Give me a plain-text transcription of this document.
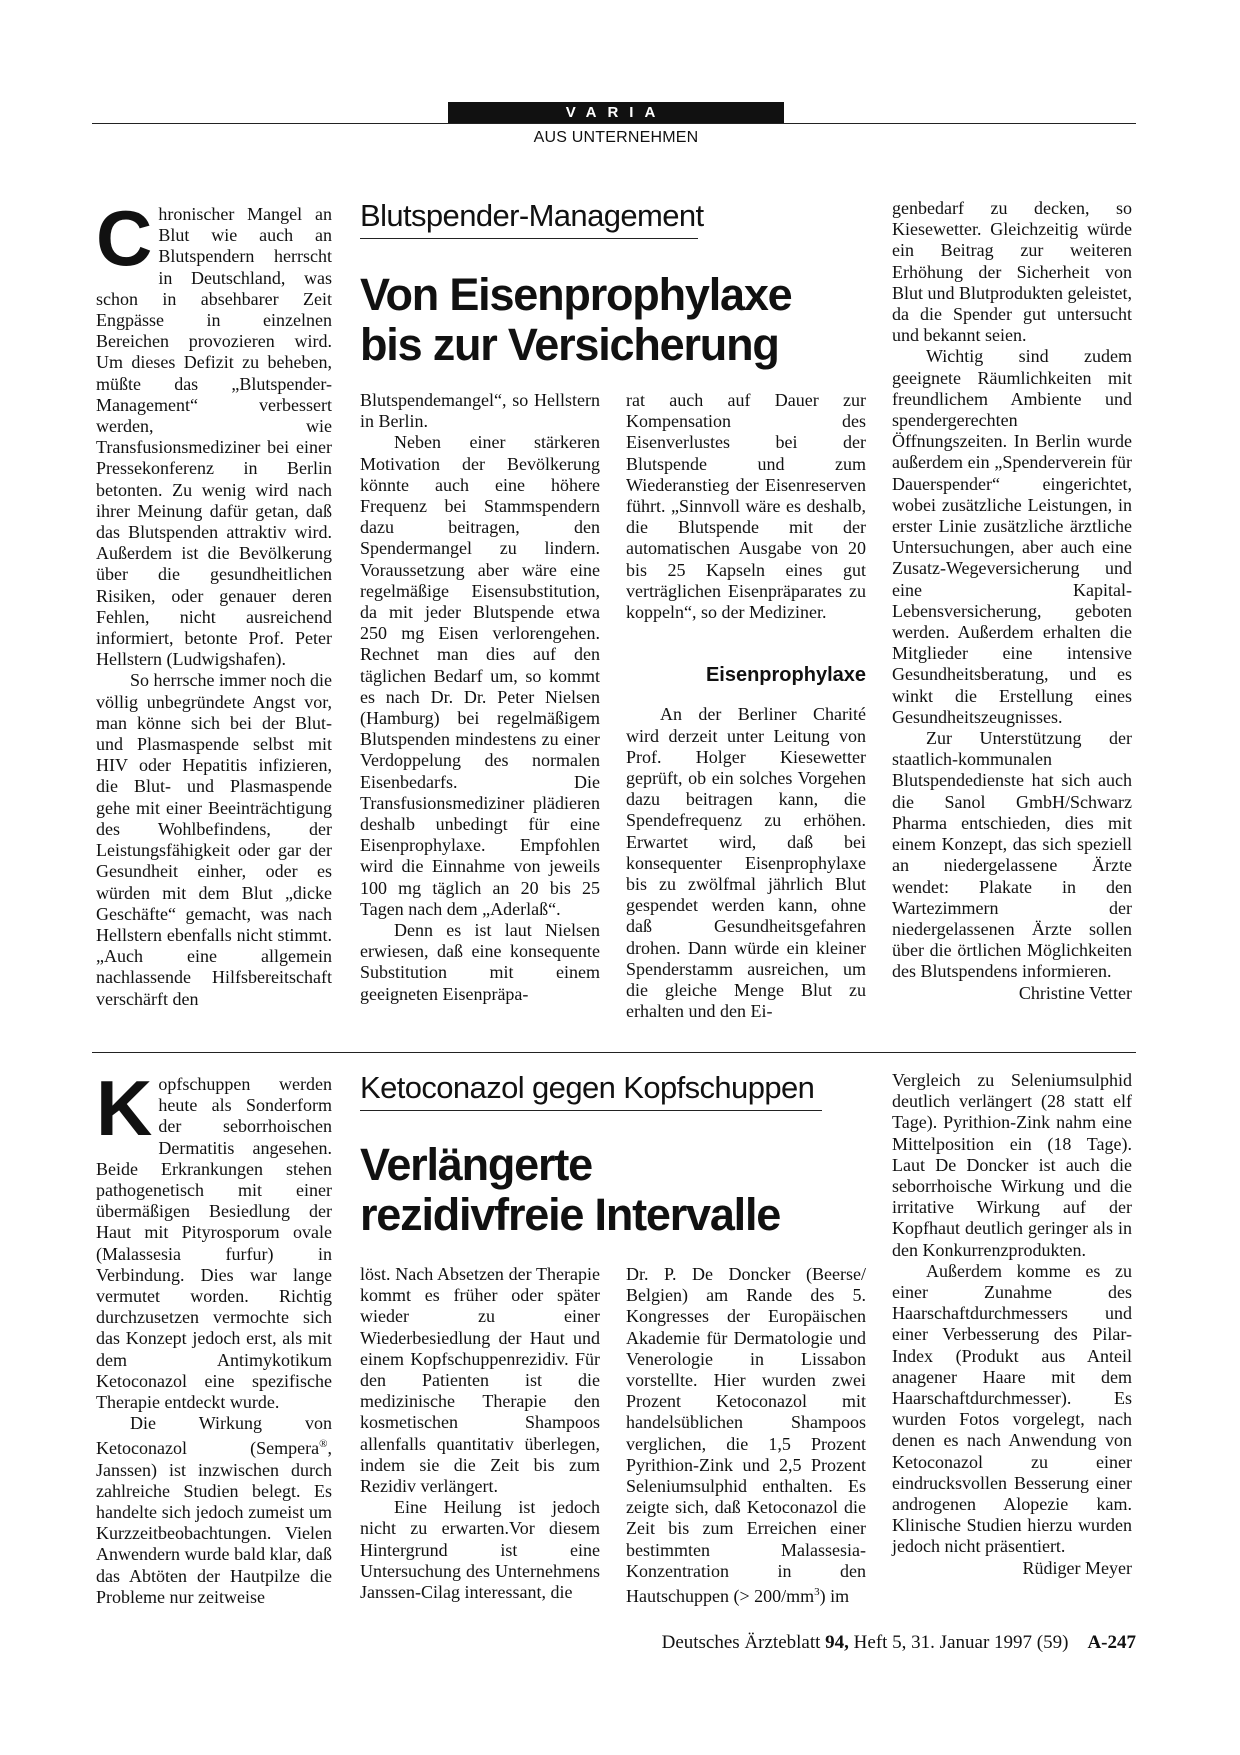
VARIA
AUS UNTERNEHMEN

Chronischer Mangel an Blut wie auch an Blutspendern herrscht in Deutschland, was schon in absehbarer Zeit Engpässe in einzelnen Bereichen provozieren wird. Um dieses Defizit zu beheben, müßte das „Blutspender-Management“ verbessert werden, wie Transfusionsmediziner bei einer Pressekonferenz in Berlin betonten. Zu wenig wird nach ihrer Meinung dafür getan, daß das Blutspenden attraktiv wird. Außerdem ist die Bevölkerung über die gesundheitlichen Risiken, oder genauer deren Fehlen, nicht ausreichend informiert, betonte Prof. Peter Hellstern (Ludwigshafen).

So herrsche immer noch die völlig unbegründete Angst vor, man könne sich bei der Blut- und Plasmaspende selbst mit HIV oder Hepatitis infizieren, die Blut- und Plasmaspende gehe mit einer Beeinträchtigung des Wohlbefindens, der Leistungsfähigkeit oder gar der Gesundheit einher, oder es würden mit dem Blut „dicke Geschäfte“ gemacht, was nach Hellstern ebenfalls nicht stimmt. „Auch eine allgemein nachlassende Hilfsbereitschaft verschärft den

Blutspender-Management
Von Eisenprophylaxe
bis zur Versicherung

Blutspendemangel“, so Hellstern in Berlin.

Neben einer stärkeren Motivation der Bevölkerung könnte auch eine höhere Frequenz bei Stammspendern dazu beitragen, den Spendermangel zu lindern. Voraussetzung aber wäre eine regelmäßige Eisensubstitution, da mit jeder Blutspende etwa 250 mg Eisen verlorengehen. Rechnet man dies auf den täglichen Bedarf um, so kommt es nach Dr. Dr. Peter Nielsen (Hamburg) bei regelmäßigem Blutspenden mindestens zu einer Verdoppelung des normalen Eisenbedarfs. Die Transfusionsmediziner plädieren deshalb unbedingt für eine Eisenprophylaxe. Empfohlen wird die Einnahme von jeweils 100 mg täglich an 20 bis 25 Tagen nach dem „Aderlaß“.

Denn es ist laut Nielsen erwiesen, daß eine konsequente Substitution mit einem geeigneten Eisenpräpa-

rat auch auf Dauer zur Kompensation des Eisenverlustes bei der Blutspende und zum Wiederanstieg der Eisenreserven führt. „Sinnvoll wäre es deshalb, die Blutspende mit der automatischen Ausgabe von 20 bis 25 Kapseln eines gut verträglichen Eisenpräparates zu koppeln“, so der Mediziner.

Eisenprophylaxe

An der Berliner Charité wird derzeit unter Leitung von Prof. Holger Kiesewetter geprüft, ob ein solches Vorgehen dazu beitragen kann, die Spendefrequenz zu erhöhen. Erwartet wird, daß bei konsequenter Eisenprophylaxe bis zu zwölfmal jährlich Blut gespendet werden kann, ohne daß Gesundheitsgefahren drohen. Dann würde ein kleiner Spenderstamm ausreichen, um die gleiche Menge Blut zu erhalten und den Ei-

genbedarf zu decken, so Kiesewetter. Gleichzeitig würde ein Beitrag zur weiteren Erhöhung der Sicherheit von Blut und Blutprodukten geleistet, da die Spender gut untersucht und bekannt seien.

Wichtig sind zudem geeignete Räumlichkeiten mit freundlichem Ambiente und spendergerechten Öffnungszeiten. In Berlin wurde außerdem ein „Spenderverein für Dauerspender“ eingerichtet, wobei zusätzliche Leistungen, in erster Linie zusätzliche ärztliche Untersuchungen, aber auch eine Zusatz-Wegeversicherung und eine Kapital-Lebensversicherung, geboten werden. Außerdem erhalten die Mitglieder eine intensive Gesundheitsberatung, und es winkt die Erstellung eines Gesundheitszeugnisses.

Zur Unterstützung der staatlich-kommunalen Blutspendedienste hat sich auch die Sanol GmbH/Schwarz Pharma entschieden, dies mit einem Konzept, das sich speziell an niedergelassene Ärzte wendet: Plakate in den Wartezimmern der niedergelassenen Ärzte sollen über die örtlichen Möglichkeiten des Blutspendens informieren.

Christine Vetter

Kopfschuppen werden heute als Sonderform der seborrhoischen Dermatitis angesehen. Beide Erkrankungen stehen pathogenetisch mit einer übermäßigen Besiedlung der Haut mit Pityrosporum ovale (Malassesia furfur) in Verbindung. Dies war lange vermutet worden. Richtig durchzusetzen vermochte sich das Konzept jedoch erst, als mit dem Antimykotikum Ketoconazol eine spezifische Therapie entdeckt wurde.

Die Wirkung von Ketoconazol (Sempera®, Janssen) ist inzwischen durch zahlreiche Studien belegt. Es handelte sich jedoch zumeist um Kurzzeitbeobachtungen. Vielen Anwendern wurde bald klar, daß das Abtöten der Hautpilze die Probleme nur zeitweise

Ketoconazol gegen Kopfschuppen
Verlängerte
rezidivfreie Intervalle

löst. Nach Absetzen der Therapie kommt es früher oder später wieder zu einer Wiederbesiedlung der Haut und einem Kopfschuppenrezidiv. Für den Patienten ist die medizinische Therapie den kosmetischen Shampoos allenfalls quantitativ überlegen, indem sie die Zeit bis zum Rezidiv verlängert.

Eine Heilung ist jedoch nicht zu erwarten.Vor diesem Hintergrund ist eine Untersuchung des Unternehmens Janssen-Cilag interessant, die

Dr. P. De Doncker (Beerse/ Belgien) am Rande des 5. Kongresses der Europäischen Akademie für Dermatologie und Venerologie in Lissabon vorstellte. Hier wurden zwei Prozent Ketoconazol mit handelsüblichen Shampoos verglichen, die 1,5 Prozent Pyrithion-Zink und 2,5 Prozent Seleniumsulphid enthalten. Es zeigte sich, daß Ketoconazol die Zeit bis zum Erreichen einer bestimmten Malassesia-Konzentration in den Hautschuppen (> $200/mm^3$) im

Vergleich zu Seleniumsulphid deutlich verlängert (28 statt elf Tage). Pyrithion-Zink nahm eine Mittelposition ein (18 Tage). Laut De Doncker ist auch die seborrhoische Wirkung und die irritative Wirkung auf der Kopfhaut deutlich geringer als in den Konkurrenzprodukten.

Außerdem komme es zu einer Zunahme des Haarschaftdurchmessers und einer Verbesserung des Pilar-Index (Produkt aus Anteil anagener Haare mit dem Haarschaftdurchmesser). Es wurden Fotos vorgelegt, nach denen es nach Anwendung von Ketoconazol zu einer eindrucksvollen Besserung einer androgenen Alopezie kam. Klinische Studien hierzu wurden jedoch nicht präsentiert.

Rüdiger Meyer
Deutsches Ärzteblatt 94, Heft 5, 31. Januar 1997 (59) A-247
